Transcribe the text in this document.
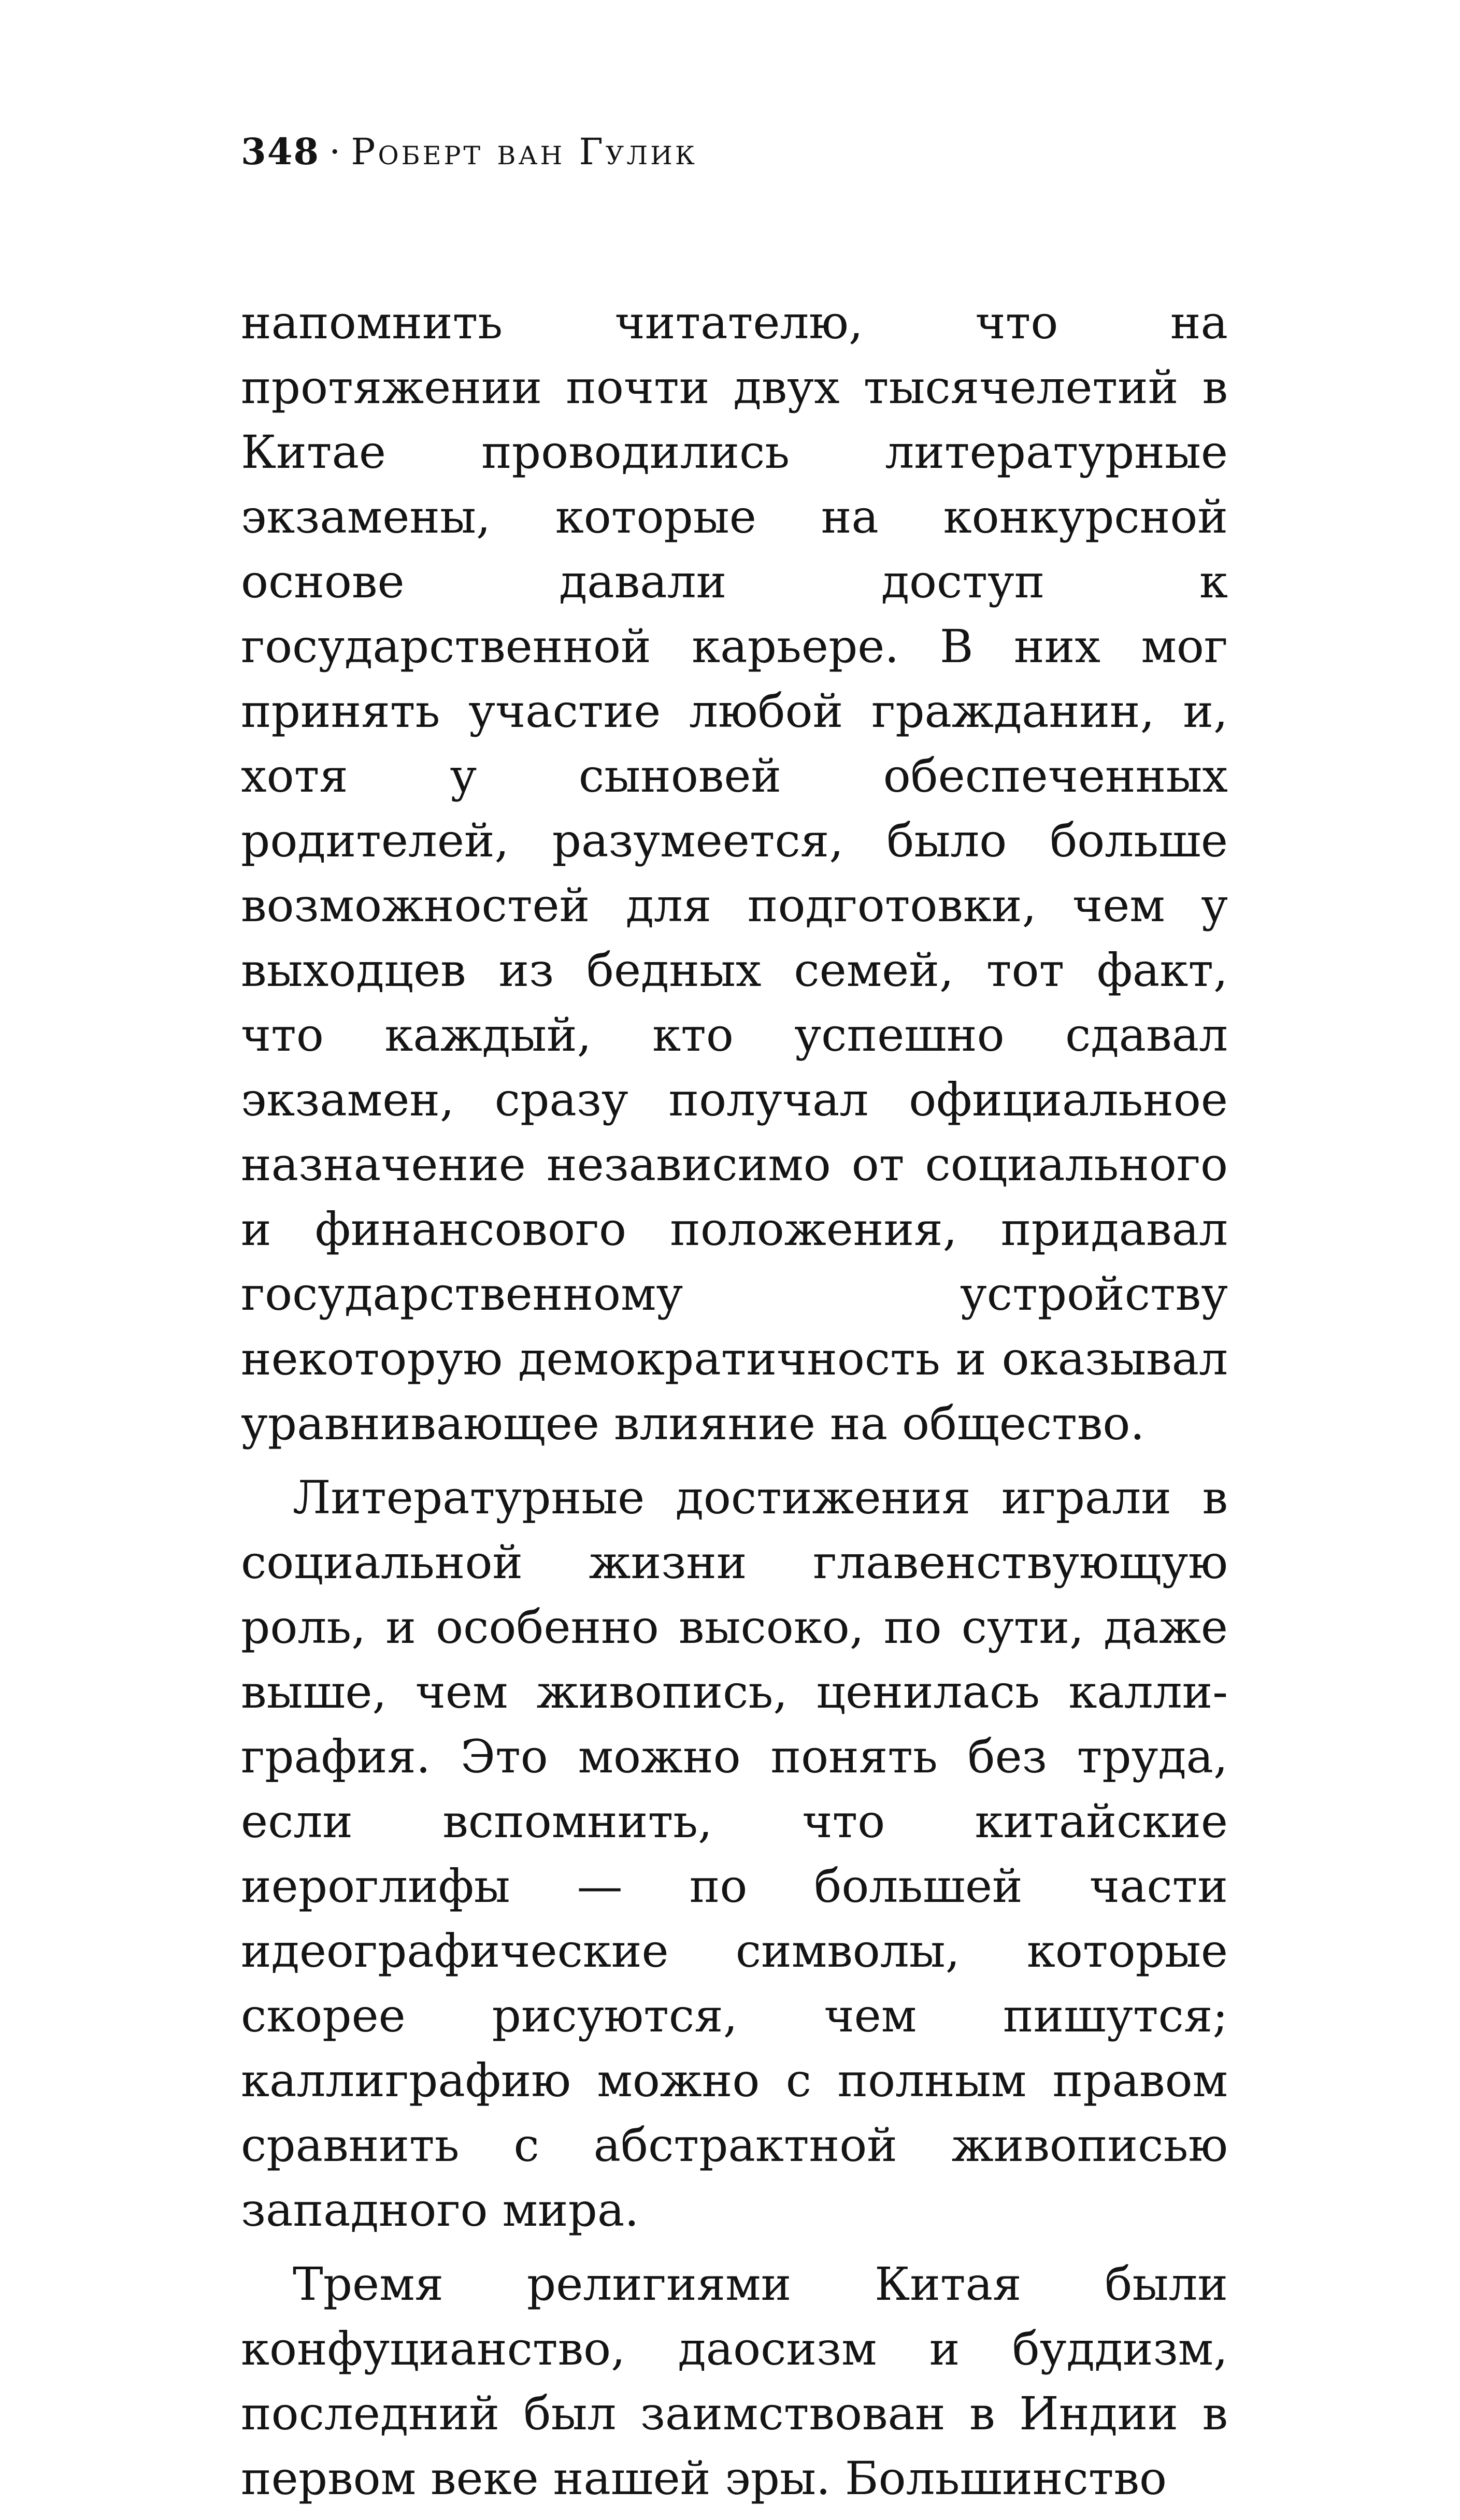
348 · Роберт ван Гулик

напомнить читателю, что на протяжении почти двух тысячелетий в Китае проводились литературные экзамены, которые на конкурсной основе давали доступ к государственной карьере. В них мог принять участие любой гражданин, и, хотя у сыновей обеспеченных родителей, разумеется, было больше возможностей для подготовки, чем у выходцев из бедных семей, тот факт, что каждый, кто успешно сдавал экзамен, сразу получал официальное назначение независимо от социального и финансового положения, придавал государственному устройству некоторую демократичность и оказывал уравнивающее влияние на общество.

Литературные достижения играли в социальной жизни главенствующую роль, и особенно высоко, по сути, даже выше, чем живопись, ценилась каллиграфия. Это можно понять без труда, если вспомнить, что китайские иероглифы — по большей части идеографические символы, которые скорее рисуются, чем пишутся; каллиграфию можно с полным правом сравнить с абстрактной живописью западного мира.

Тремя религиями Китая были конфуцианство, даосизм и буддизм, последний был заимствован в Индии в первом веке нашей эры. Большинство
